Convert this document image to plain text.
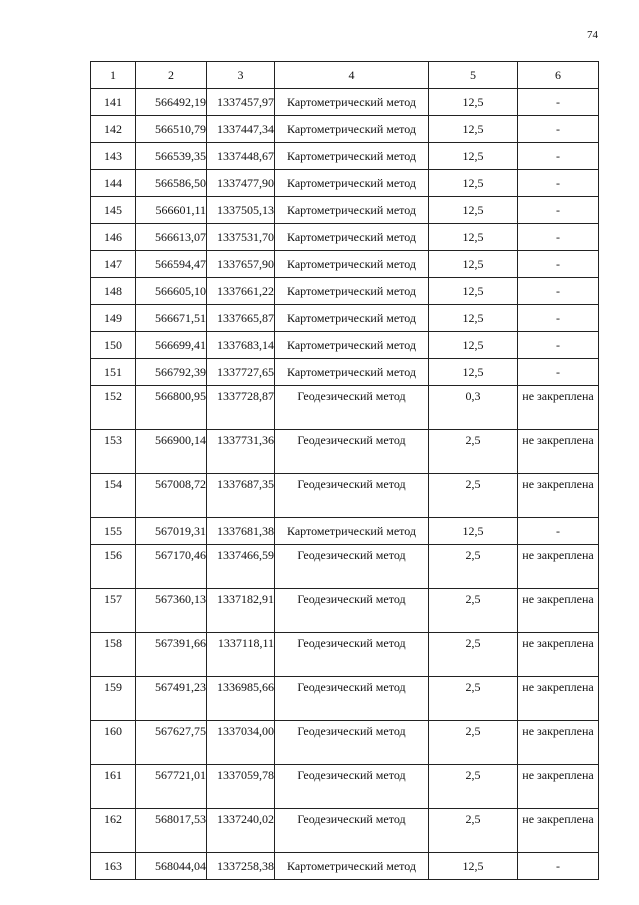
74
1	2	3	4	5	6
141	566492,19	1337457,97	Картометрический метод	12,5	-
142	566510,79	1337447,34	Картометрический метод	12,5	-
143	566539,35	1337448,67	Картометрический метод	12,5	-
144	566586,50	1337477,90	Картометрический метод	12,5	-
145	566601,11	1337505,13	Картометрический метод	12,5	-
146	566613,07	1337531,70	Картометрический метод	12,5	-
147	566594,47	1337657,90	Картометрический метод	12,5	-
148	566605,10	1337661,22	Картометрический метод	12,5	-
149	566671,51	1337665,87	Картометрический метод	12,5	-
150	566699,41	1337683,14	Картометрический метод	12,5	-
151	566792,39	1337727,65	Картометрический метод	12,5	-
152	566800,95	1337728,87	Геодезический метод	0,3	не закреплена
153	566900,14	1337731,36	Геодезический метод	2,5	не закреплена
154	567008,72	1337687,35	Геодезический метод	2,5	не закреплена
155	567019,31	1337681,38	Картометрический метод	12,5	-
156	567170,46	1337466,59	Геодезический метод	2,5	не закреплена
157	567360,13	1337182,91	Геодезический метод	2,5	не закреплена
158	567391,66	1337118,11	Геодезический метод	2,5	не закреплена
159	567491,23	1336985,66	Геодезический метод	2,5	не закреплена
160	567627,75	1337034,00	Геодезический метод	2,5	не закреплена
161	567721,01	1337059,78	Геодезический метод	2,5	не закреплена
162	568017,53	1337240,02	Геодезический метод	2,5	не закреплена
163	568044,04	1337258,38	Картометрический метод	12,5	-
